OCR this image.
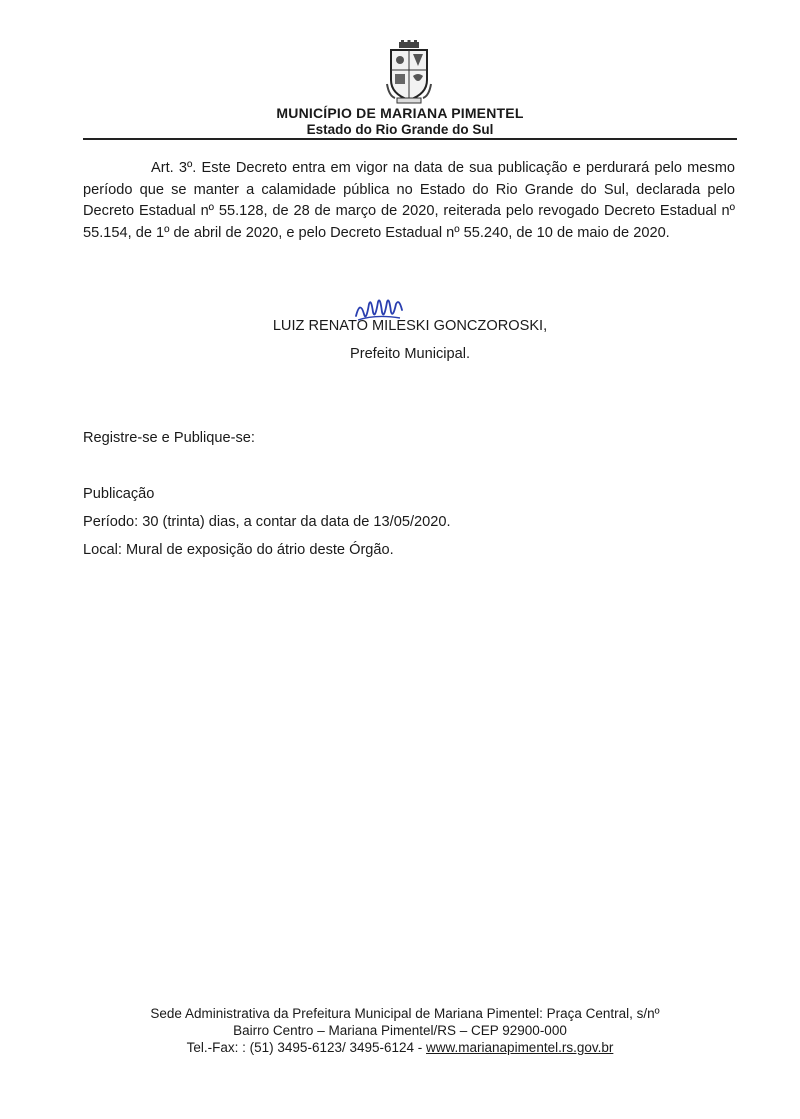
MUNICÍPIO DE MARIANA PIMENTEL
Estado do Rio Grande do Sul

Art. 3º. Este Decreto entra em vigor na data de sua publicação e perdurará pelo mesmo período que se manter a calamidade pública no Estado do Rio Grande do Sul, declarada pelo Decreto Estadual nº 55.128, de 28 de março de 2020, reiterada pelo revogado Decreto Estadual nº 55.154, de 1º de abril de 2020, e pelo Decreto Estadual nº 55.240, de 10 de maio de 2020.

LUIZ RENATO MILESKI GONCZOROSKI,
Prefeito Municipal.
Registre-se e Publique-se:
Publicação
Período: 30 (trinta) dias, a contar da data de 13/05/2020.
Local: Mural de exposição do átrio deste Órgão.
Sede Administrativa da Prefeitura Municipal de Mariana Pimentel: Praça Central, s/nº
Bairro Centro – Mariana Pimentel/RS – CEP 92900-000
Tel.-Fax: : (51) 3495-6123/ 3495-6124 - www.marianapimentel.rs.gov.br
